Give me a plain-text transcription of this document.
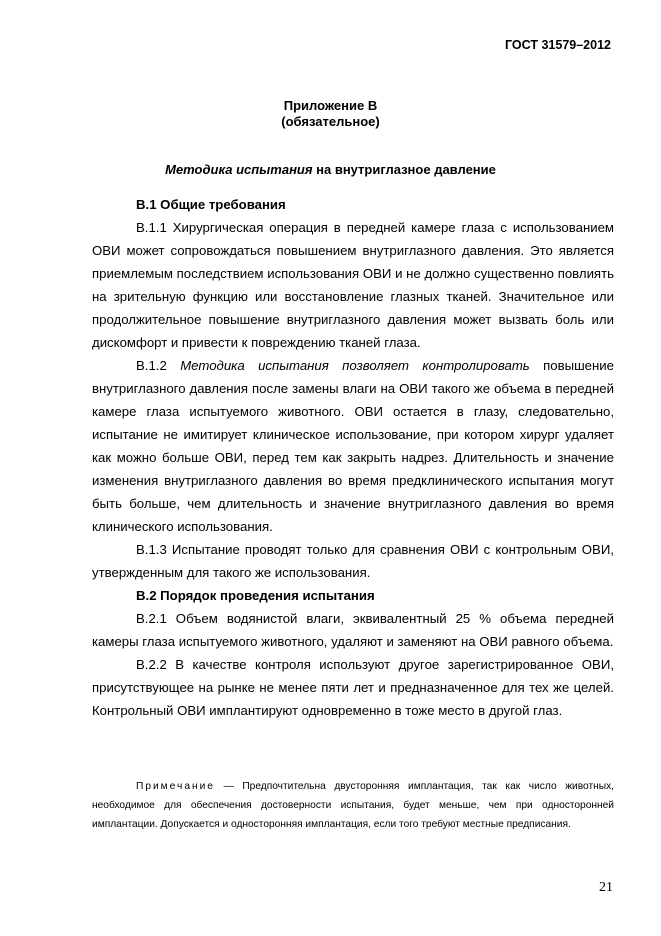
ГОСТ 31579–2012
Приложение В
(обязательное)
Методика испытания на внутриглазное давление
В.1 Общие требования

В.1.1 Хирургическая операция в передней камере глаза с использованием ОВИ может сопровождаться повышением внутриглазного давления. Это является приемлемым последствием использования ОВИ и не должно существенно повлиять на зрительную функцию или восстановление глазных тканей. Значительное или продолжительное повышение внутриглазного давления может вызвать боль или дискомфорт и привести к повреждению тканей глаза.

В.1.2 Методика испытания позволяет контролировать повышение внутриглазного давления после замены влаги на ОВИ такого же объема в передней камере глаза испытуемого животного. ОВИ остается в глазу, следовательно, испытание не имитирует клиническое использование, при котором хирург удаляет как можно больше ОВИ, перед тем как закрыть надрез. Длительность и значение изменения внутриглазного давления во время предклинического испытания могут быть больше, чем длительность и значение внутриглазного давления во время клинического использования.

В.1.3 Испытание проводят только для сравнения ОВИ с контрольным ОВИ, утвержденным для такого же использования.

В.2 Порядок проведения испытания

В.2.1 Объем водянистой влаги, эквивалентный 25 % объема передней камеры глаза испытуемого животного, удаляют и заменяют на ОВИ равного объема.

В.2.2 В качестве контроля используют другое зарегистрированное ОВИ, присутствующее на рынке не менее пяти лет и предназначенное для тех же целей. Контрольный ОВИ имплантируют одновременно в тоже место в другой глаз.

Примечание — Предпочтительна двусторонняя имплантация, так как число животных, необходимое для обеспечения достоверности испытания, будет меньше, чем при односторонней имплантации. Допускается и односторонняя имплантация, если того требуют местные предписания.
21
